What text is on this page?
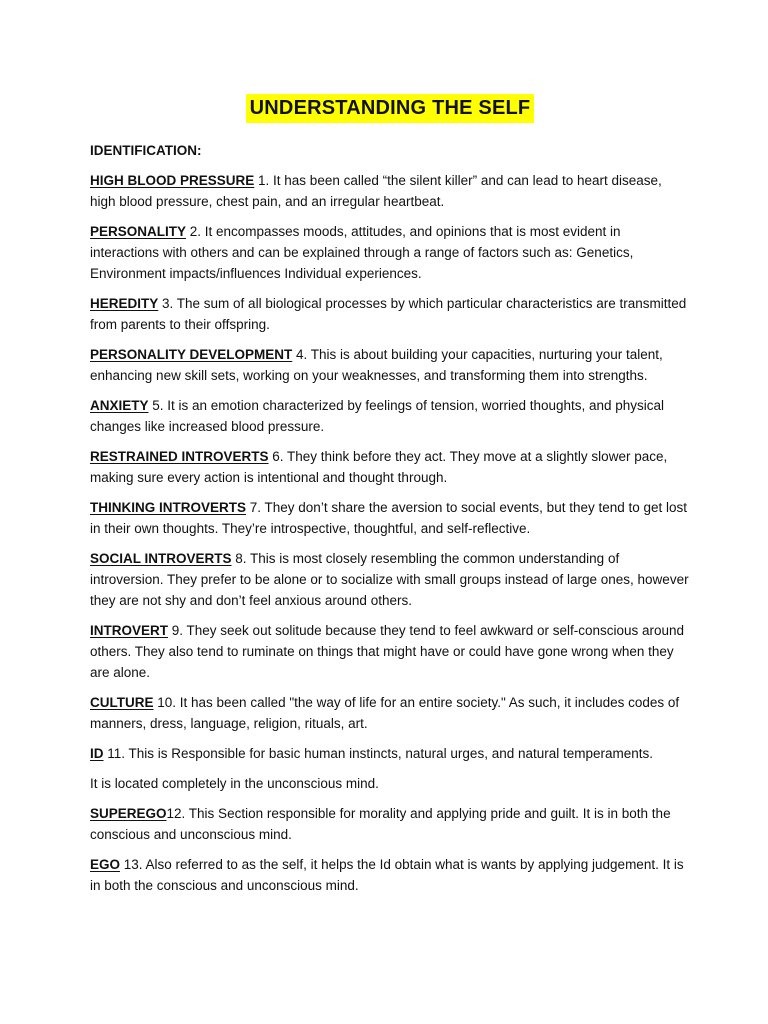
UNDERSTANDING THE SELF
IDENTIFICATION:
HIGH BLOOD PRESSURE 1. It has been called “the silent killer” and can lead to heart disease, high blood pressure, chest pain, and an irregular heartbeat.
PERSONALITY 2. It encompasses moods, attitudes, and opinions that is most evident in interactions with others and can be explained through a range of factors such as: Genetics, Environment impacts/influences Individual experiences.
HEREDITY 3. The sum of all biological processes by which particular characteristics are transmitted from parents to their offspring.
PERSONALITY DEVELOPMENT 4. This is about building your capacities, nurturing your talent, enhancing new skill sets, working on your weaknesses, and transforming them into strengths.
ANXIETY 5. It is an emotion characterized by feelings of tension, worried thoughts, and physical changes like increased blood pressure.
RESTRAINED INTROVERTS 6. They think before they act. They move at a slightly slower pace, making sure every action is intentional and thought through.
THINKING INTROVERTS 7. They don’t share the aversion to social events, but they tend to get lost in their own thoughts. They’re introspective, thoughtful, and self-reflective.
SOCIAL INTROVERTS 8. This is most closely resembling the common understanding of introversion. They prefer to be alone or to socialize with small groups instead of large ones, however they are not shy and don’t feel anxious around others.
INTROVERT 9. They seek out solitude because they tend to feel awkward or self-conscious around others. They also tend to ruminate on things that might have or could have gone wrong when they are alone.
CULTURE 10. It has been called "the way of life for an entire society." As such, it includes codes of manners, dress, language, religion, rituals, art.
ID 11. This is Responsible for basic human instincts, natural urges, and natural temperaments.
It is located completely in the unconscious mind.
SUPEREGO12. This Section responsible for morality and applying pride and guilt. It is in both the conscious and unconscious mind.
EGO 13. Also referred to as the self, it helps the Id obtain what is wants by applying judgement. It is in both the conscious and unconscious mind.
